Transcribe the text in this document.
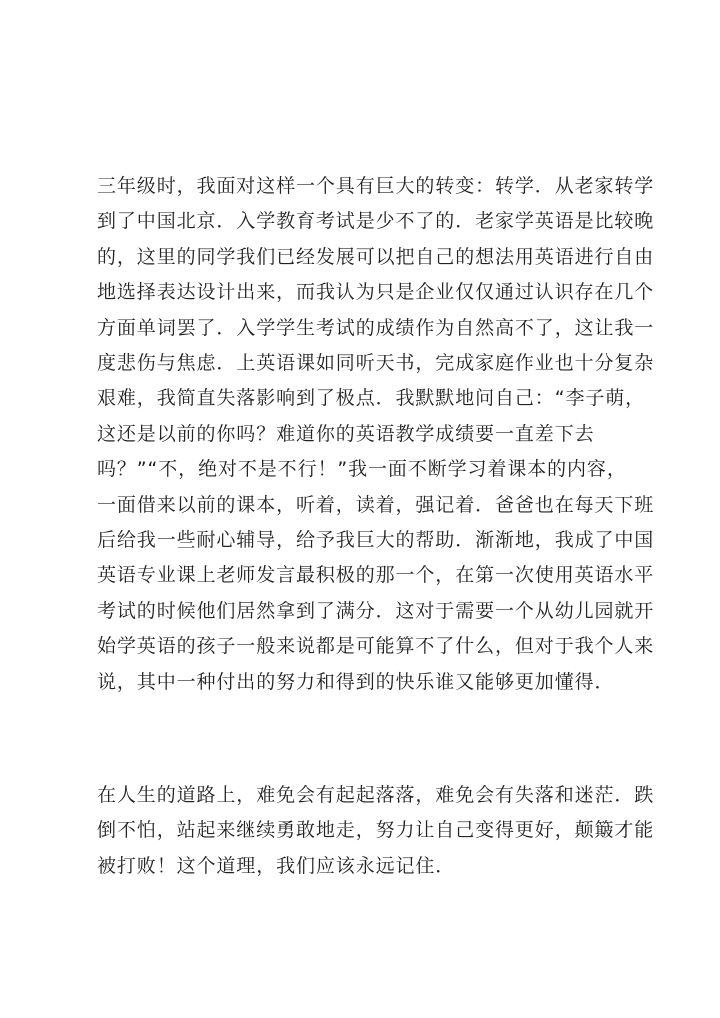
三年级时，我面对这样一个具有巨大的转变：转学．从老家转学
到了中国北京．入学教育考试是少不了的．老家学英语是比较晚
的，这里的同学我们已经发展可以把自己的想法用英语进行自由
地选择表达设计出来，而我认为只是企业仅仅通过认识存在几个
方面单词罢了．入学学生考试的成绩作为自然高不了，这让我一
度悲伤与焦虑．上英语课如同听天书，完成家庭作业也十分复杂
艰难，我简直失落影响到了极点．我默默地问自己：“李子萌，
这还是以前的你吗？难道你的英语教学成绩要一直差下去
吗？”“不，绝对不是不行！”我一面不断学习着课本的内容，
一面借来以前的课本，听着，读着，强记着．爸爸也在每天下班
后给我一些耐心辅导，给予我巨大的帮助．渐渐地，我成了中国
英语专业课上老师发言最积极的那一个，在第一次使用英语水平
考试的时候他们居然拿到了满分．这对于需要一个从幼儿园就开
始学英语的孩子一般来说都是可能算不了什么，但对于我个人来
说，其中一种付出的努力和得到的快乐谁又能够更加懂得．
在人生的道路上，难免会有起起落落，难免会有失落和迷茫．跌
倒不怕，站起来继续勇敢地走，努力让自己变得更好，颠簸才能
被打败！这个道理，我们应该永远记住．
